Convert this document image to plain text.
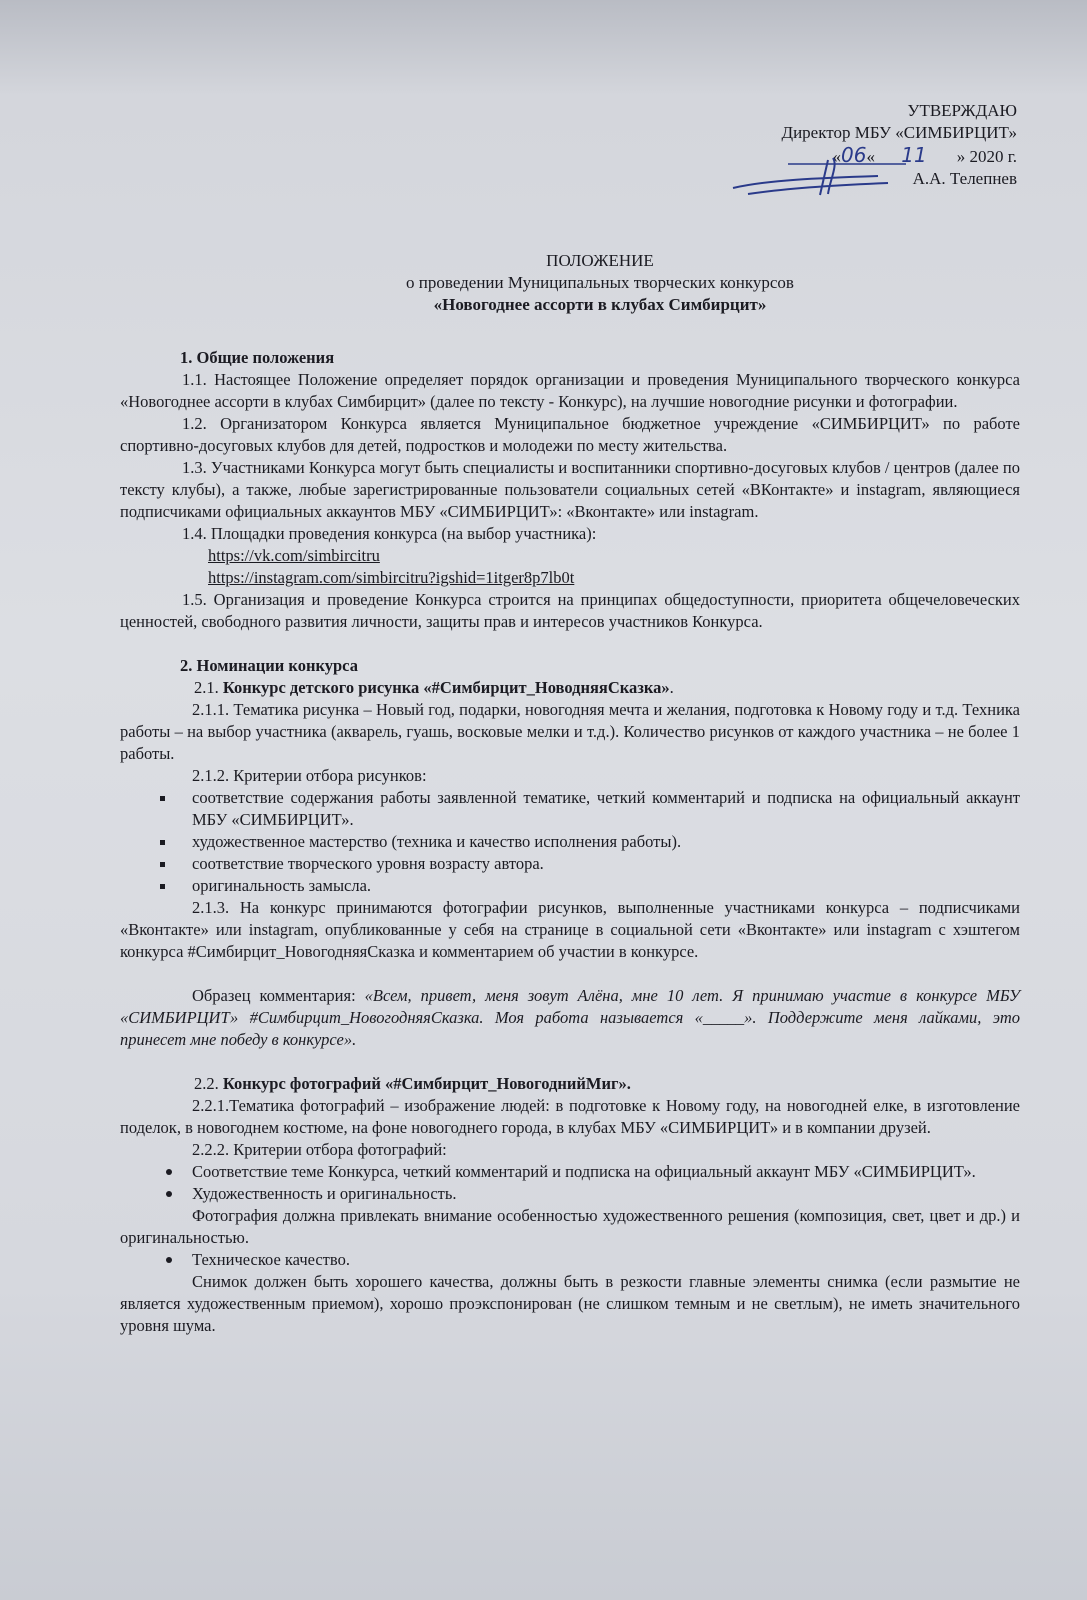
УТВЕРЖДАЮ
Директор МБУ «СИМБИРЦИТ»
«06« 11 » 2020 г.
А.А. Телепнев
ПОЛОЖЕНИЕ
о проведении Муниципальных творческих конкурсов
«Новогоднее ассорти в клубах Симбирцит»

1. Общие положения

1.1. Настоящее Положение определяет порядок организации и проведения Муниципального творческого конкурса «Новогоднее ассорти в клубах Симбирцит» (далее по тексту - Конкурс), на лучшие новогодние рисунки и фотографии.

1.2. Организатором Конкурса является Муниципальное бюджетное учреждение «СИМБИРЦИТ» по работе спортивно-досуговых клубов для детей, подростков и молодежи по месту жительства.

1.3. Участниками Конкурса могут быть специалисты и воспитанники спортивно-досуговых клубов / центров (далее по тексту клубы), а также, любые зарегистрированные пользователи социальных сетей «ВКонтакте» и instagram, являющиеся подписчиками официальных аккаунтов МБУ «СИМБИРЦИТ»: «Вконтакте» или instagram.

1.4. Площадки проведения конкурса (на выбор участника):

https://vk.com/simbircitru

https://instagram.com/simbircitru?igshid=1itger8p7lb0t

1.5. Организация и проведение Конкурса строится на принципах общедоступности, приоритета общечеловеческих ценностей, свободного развития личности, защиты прав и интересов участников Конкурса.

2. Номинации конкурса

2.1. Конкурс детского рисунка «#Симбирцит_НоводняяСказка».

2.1.1. Тематика рисунка – Новый год, подарки, новогодняя мечта и желания, подготовка к Новому году и т.д. Техника работы – на выбор участника (акварель, гуашь, восковые мелки и т.д.). Количество рисунков от каждого участника – не более 1 работы.

2.1.2. Критерии отбора рисунков:

соответствие содержания работы заявленной тематике, четкий комментарий и подписка на официальный аккаунт МБУ «СИМБИРЦИТ».
художественное мастерство (техника и качество исполнения работы).
соответствие творческого уровня возрасту автора.
оригинальность замысла.

2.1.3. На конкурс принимаются фотографии рисунков, выполненные участниками конкурса – подписчиками «Вконтакте» или instagram, опубликованные у себя на странице в социальной сети «Вконтакте» или instagram с хэштегом конкурса #Симбирцит_НовогодняяСказка и комментарием об участии в конкурсе.

Образец комментария: «Всем, привет, меня зовут Алёна, мне 10 лет. Я принимаю участие в конкурсе МБУ «СИМБИРЦИТ» #Симбирцит_НовогодняяСказка. Моя работа называется «_____». Поддержите меня лайками, это принесет мне победу в конкурсе».

2.2. Конкурс фотографий «#Симбирцит_НовогоднийМиг».

2.2.1.Тематика фотографий – изображение людей: в подготовке к Новому году, на новогодней елке, в изготовление поделок, в новогоднем костюме, на фоне новогоднего города, в клубах МБУ «СИМБИРЦИТ» и в компании друзей.

2.2.2. Критерии отбора фотографий:

Соответствие теме Конкурса, четкий комментарий и подписка на официальный аккаунт МБУ «СИМБИРЦИТ».
Художественность и оригинальность.

Фотография должна привлекать внимание особенностью художественного решения (композиция, свет, цвет и др.) и оригинальностью.

Техническое качество.

Снимок должен быть хорошего качества, должны быть в резкости главные элементы снимка (если размытие не является художественным приемом), хорошо проэкспонирован (не слишком темным и не светлым), не иметь значительного уровня шума.
